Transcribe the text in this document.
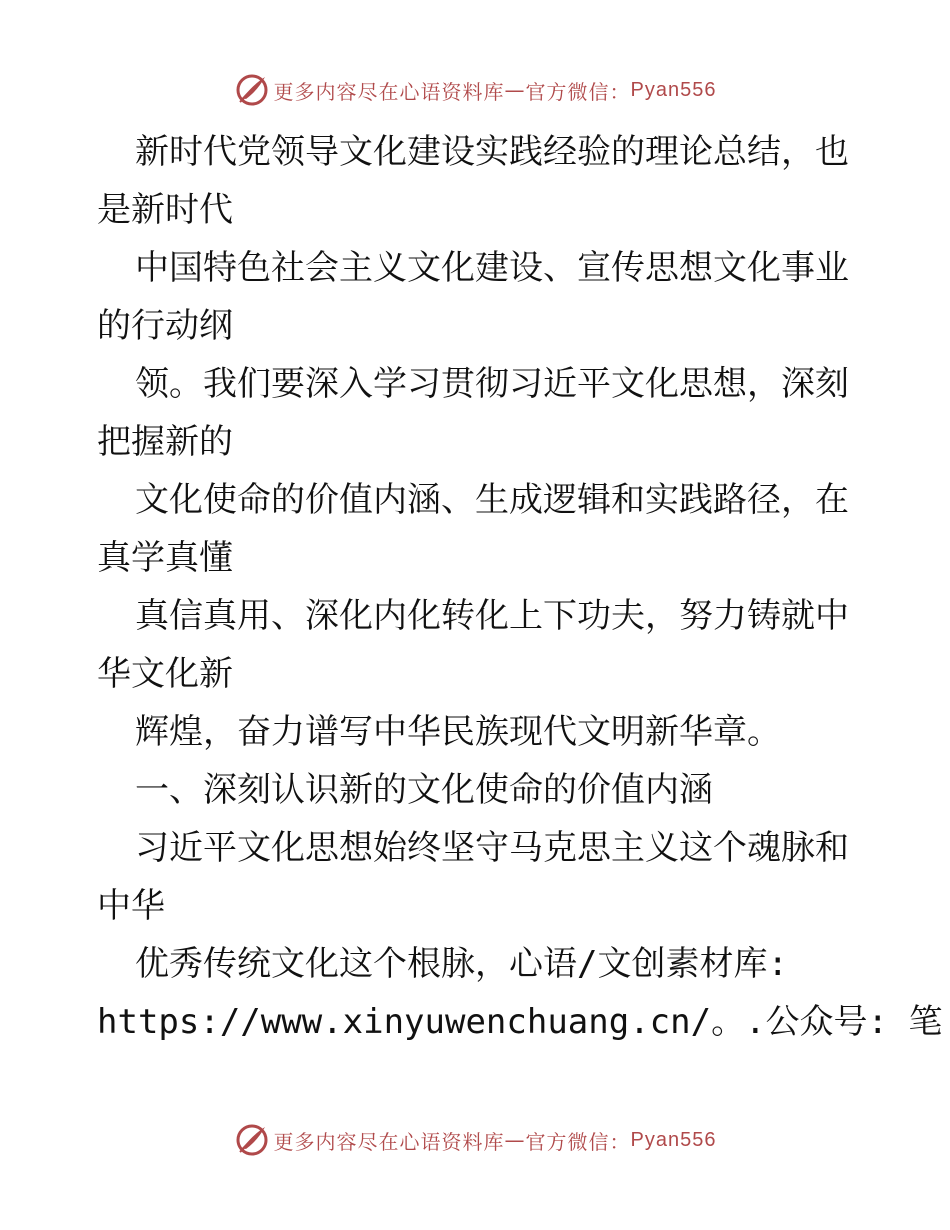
更多内容尽在心语资料库 — 官方微信： Pyan556
新时代党领导文化建设实践经验的理论总结，也
是新时代
中国特色社会主义文化建设、宣传思想文化事业
的行动纲
领。我们要深入学习贯彻习近平文化思想，深刻
把握新的
文化使命的价值内涵、生成逻辑和实践路径，在
真学真懂
真信真用、深化内化转化上下功夫，努力铸就中
华文化新
辉煌，奋力谱写中华民族现代文明新华章。
一、深刻认识新的文化使命的价值内涵
习近平文化思想始终坚守马克思主义这个魂脉和
中华
优秀传统文化这个根脉，心语/文创素材库:
https://www.xinyuwenchuang.cn/。.公众号: 笔
更多内容尽在心语资料库 — 官方微信： Pyan556
